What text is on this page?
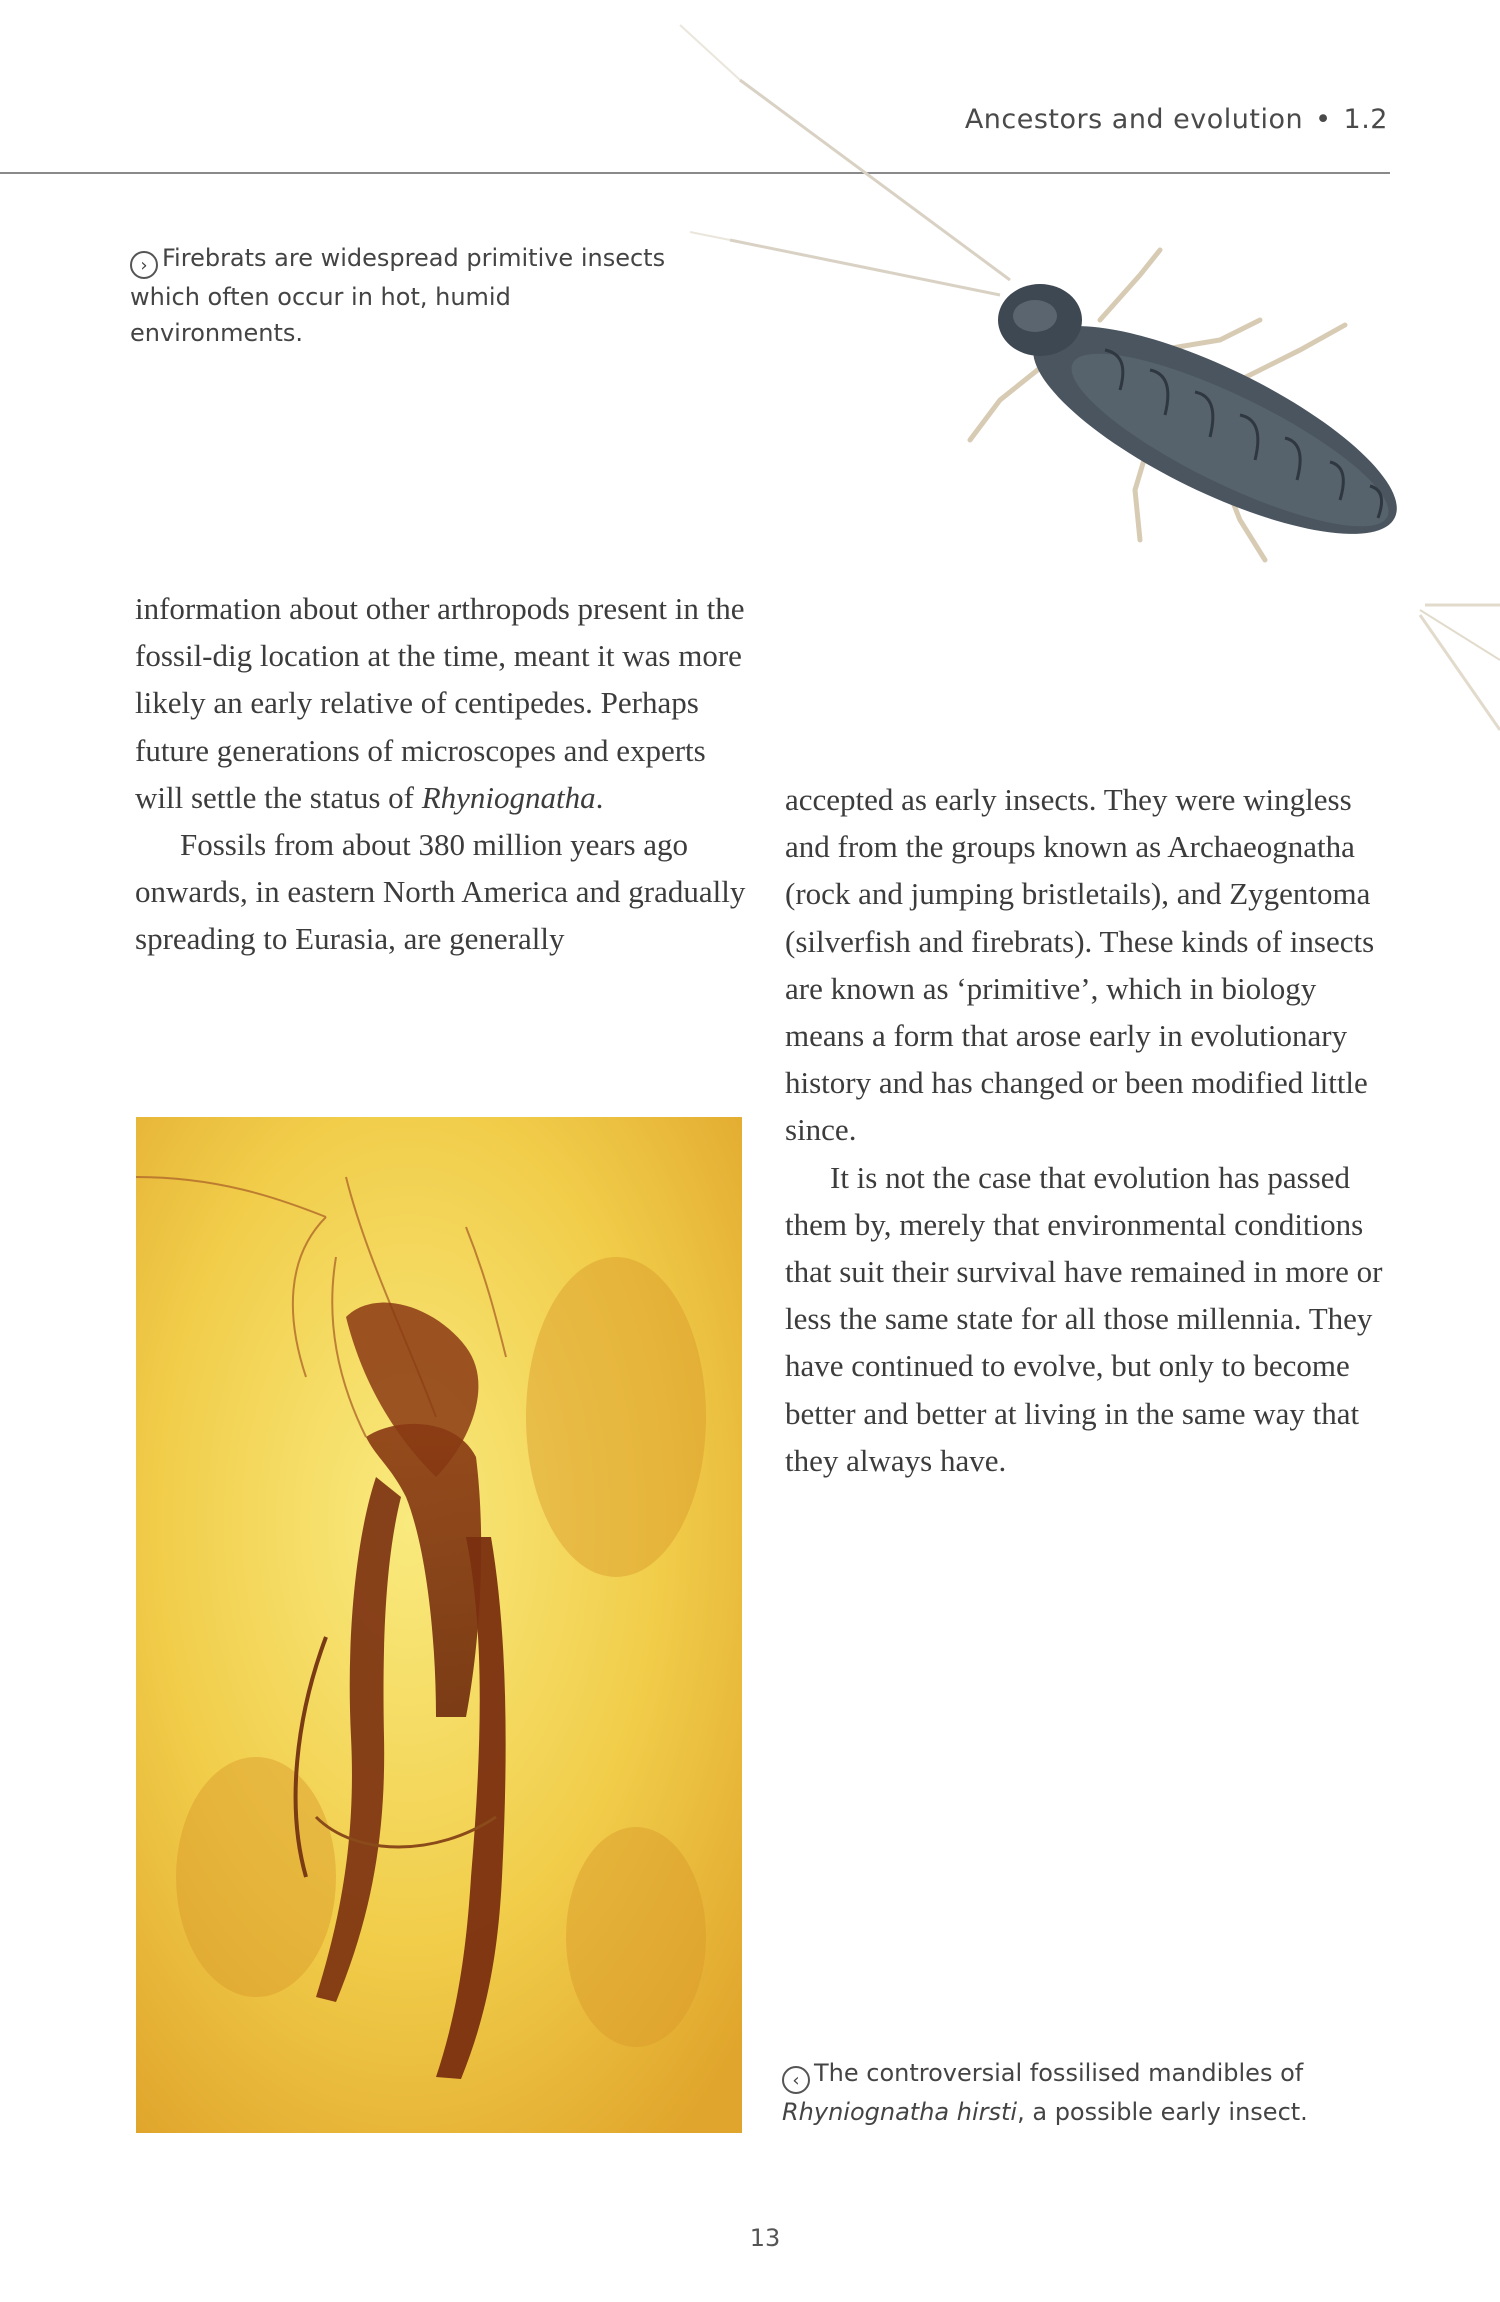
Ancestors and evolution • 1.2
› Firebrats are widespread primitive insects which often occur in hot, humid environments.

information about other arthropods present in the fossil-dig location at the time, meant it was more likely an early relative of centipedes. Perhaps future generations of microscopes and experts will settle the status of Rhyniognatha.

Fossils from about 380 million years ago onwards, in eastern North America and gradually spreading to Eurasia, are generally

accepted as early insects. They were wingless and from the groups known as Archaeognatha (rock and jumping bristletails), and Zygentoma (silverfish and firebrats). These kinds of insects are known as ‘primitive’, which in biology means a form that arose early in evolutionary history and has changed or been modified little since.

It is not the case that evolution has passed them by, merely that environmental conditions that suit their survival have remained in more or less the same state for all those millennia. They have continued to evolve, but only to become better and better at living in the same way that they always have.

‹ The controversial fossilised mandibles of Rhyniognatha hirsti, a possible early insect.
13
